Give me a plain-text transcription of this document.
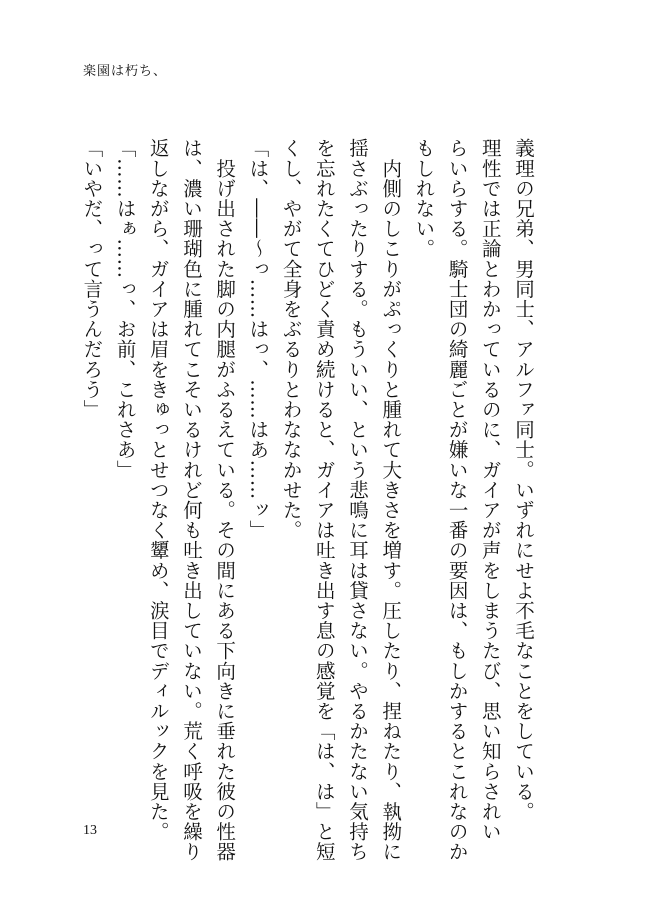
楽園は朽ち、

義理の兄弟、男同士、アルファ同士。いずれにせよ不毛なことをしている。

理性では正論とわかっているのに、ガイアが声をしまうたび、思い知らされい

らいらする。騎士団の綺麗ごとが嫌いな一番の要因は、もしかするとこれなのか

もしれない。

　内側のしこりがぷっくりと腫れて大きさを増す。圧したり、捏ねたり、執拗に

揺さぶったりする。もういい、という悲鳴に耳は貸さない。やるかたない気持ち

を忘れたくてひどく責め続けると、ガイアは吐き出す息の感覚を「は、は」と短

くし、やがて全身をぶるりとわななかせた。

「は、――～っ……はっ、……はあ……ッ」

　投げ出された脚の内腿がふるえている。その間にある下向きに垂れた彼の性器

は、濃い珊瑚色に腫れてこそいるけれど何も吐き出していない。荒く呼吸を繰り

返しながら、ガイアは眉をきゅっとせつなく顰め、涙目でディルックを見た。

「……はぁ……っ、お前、これさあ」

「いやだ、って言うんだろう」

13
